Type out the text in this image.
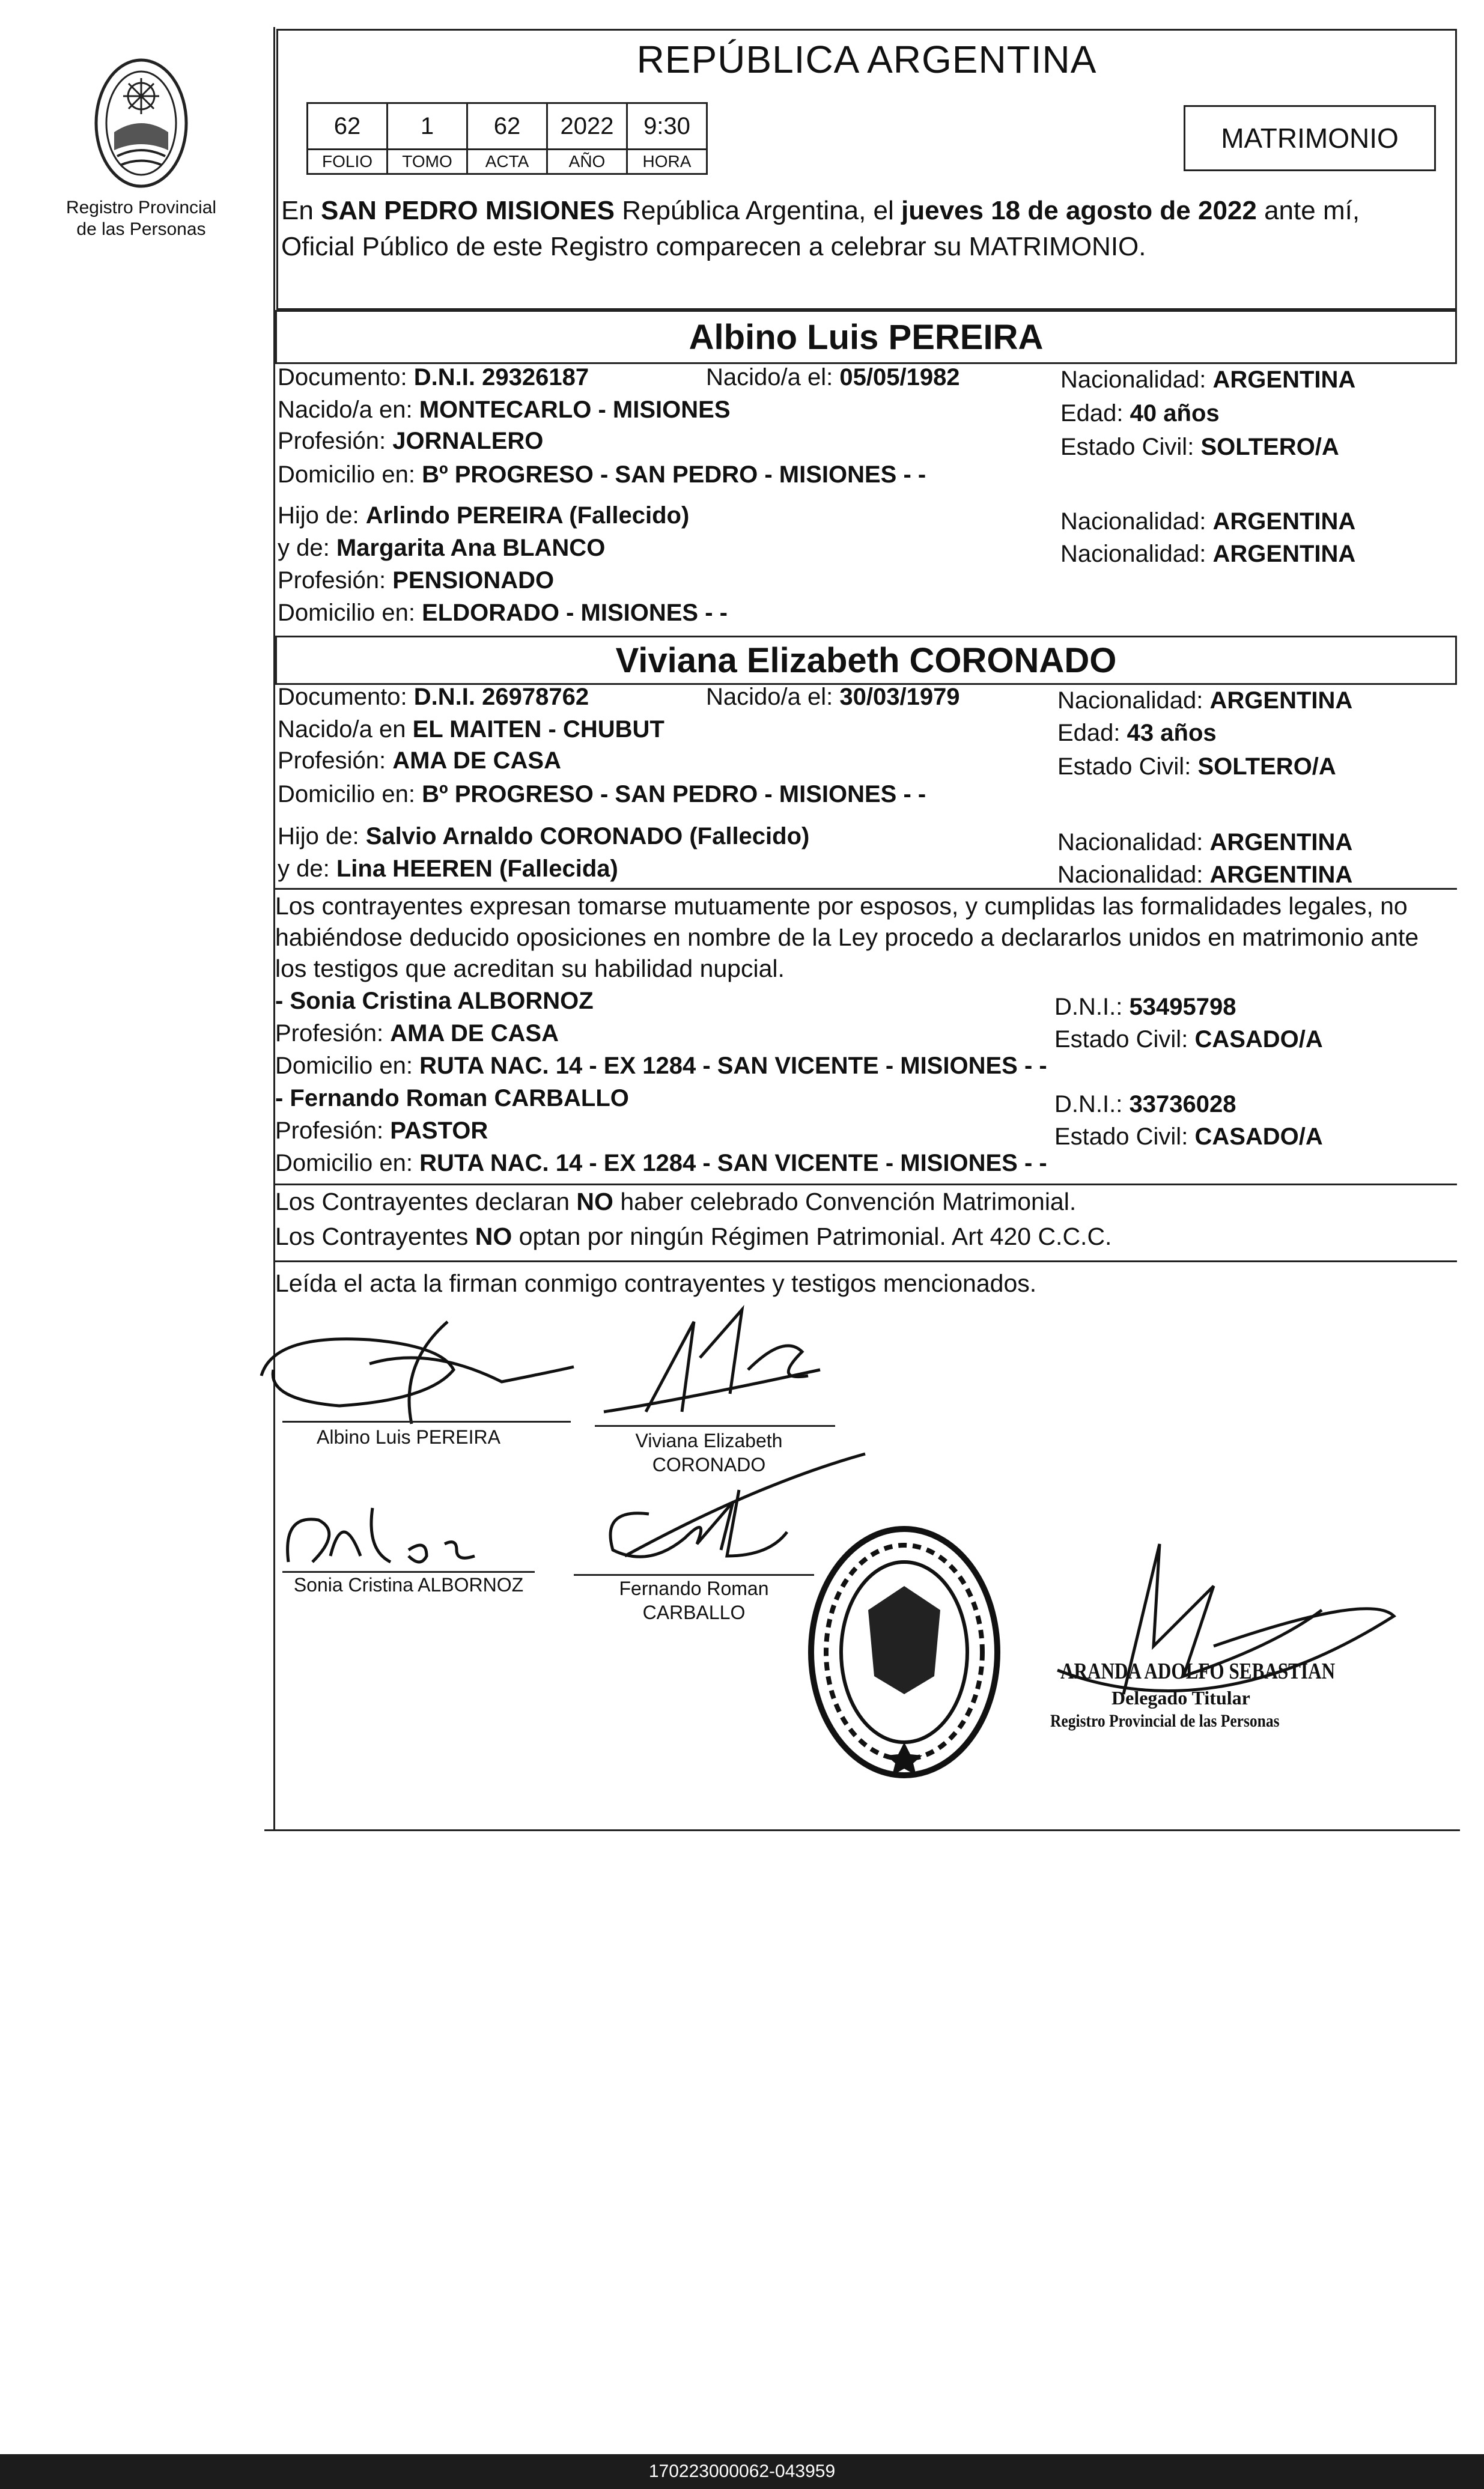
Registro Provincial de las Personas
REPÚBLICA ARGENTINA
62	1	62	2022	9:30
FOLIO	TOMO	ACTA	AÑO	HORA
MATRIMONIO
En SAN PEDRO MISIONES República Argentina, el jueves 18 de agosto de 2022 ante mí,
Oficial Público de este Registro comparecen a celebrar su MATRIMONIO.
Albino Luis PEREIRA
Documento: D.N.I. 29326187	Nacido/a el: 05/05/1982	Nacionalidad: ARGENTINA
Nacido/a en: MONTECARLO - MISIONES	Edad: 40 años
Profesión: JORNALERO	Estado Civil: SOLTERO/A
Domicilio en: Bº PROGRESO - SAN PEDRO - MISIONES - -
Hijo de: Arlindo PEREIRA (Fallecido)	Nacionalidad: ARGENTINA
y de: Margarita Ana BLANCO	Nacionalidad: ARGENTINA
Profesión: PENSIONADO
Domicilio en: ELDORADO - MISIONES - -
Viviana Elizabeth CORONADO
Documento: D.N.I. 26978762	Nacido/a el: 30/03/1979	Nacionalidad: ARGENTINA
Nacido/a en EL MAITEN - CHUBUT	Edad: 43 años
Profesión: AMA DE CASA	Estado Civil: SOLTERO/A
Domicilio en: Bº PROGRESO - SAN PEDRO - MISIONES - -
Hijo de: Salvio Arnaldo CORONADO (Fallecido)	Nacionalidad: ARGENTINA
y de: Lina HEEREN (Fallecida)	Nacionalidad: ARGENTINA
Los contrayentes expresan tomarse mutuamente por esposos, y cumplidas las formalidades legales, no
habiéndose deducido oposiciones en nombre de la Ley procedo a declararlos unidos en matrimonio ante
los testigos que acreditan su habilidad nupcial.
- Sonia Cristina ALBORNOZ	D.N.I.: 53495798
Profesión: AMA DE CASA	Estado Civil: CASADO/A
Domicilio en: RUTA NAC. 14 - EX 1284 - SAN VICENTE - MISIONES - -
- Fernando Roman CARBALLO	D.N.I.: 33736028
Profesión: PASTOR	Estado Civil: CASADO/A
Domicilio en: RUTA NAC. 14 - EX 1284 - SAN VICENTE - MISIONES - -
Los Contrayentes declaran NO haber celebrado Convención Matrimonial.
Los Contrayentes NO optan por ningún Régimen Patrimonial. Art 420 C.C.C.
Leída el acta la firman conmigo contrayentes y testigos mencionados.
Albino Luis PEREIRA	Viviana Elizabeth
CORONADO
Sonia Cristina ALBORNOZ	Fernando Roman
CARBALLO
ARANDA ADOLFO SEBASTIAN
Delegado Titular
Registro Provincial de las Personas
170223000062-043959
